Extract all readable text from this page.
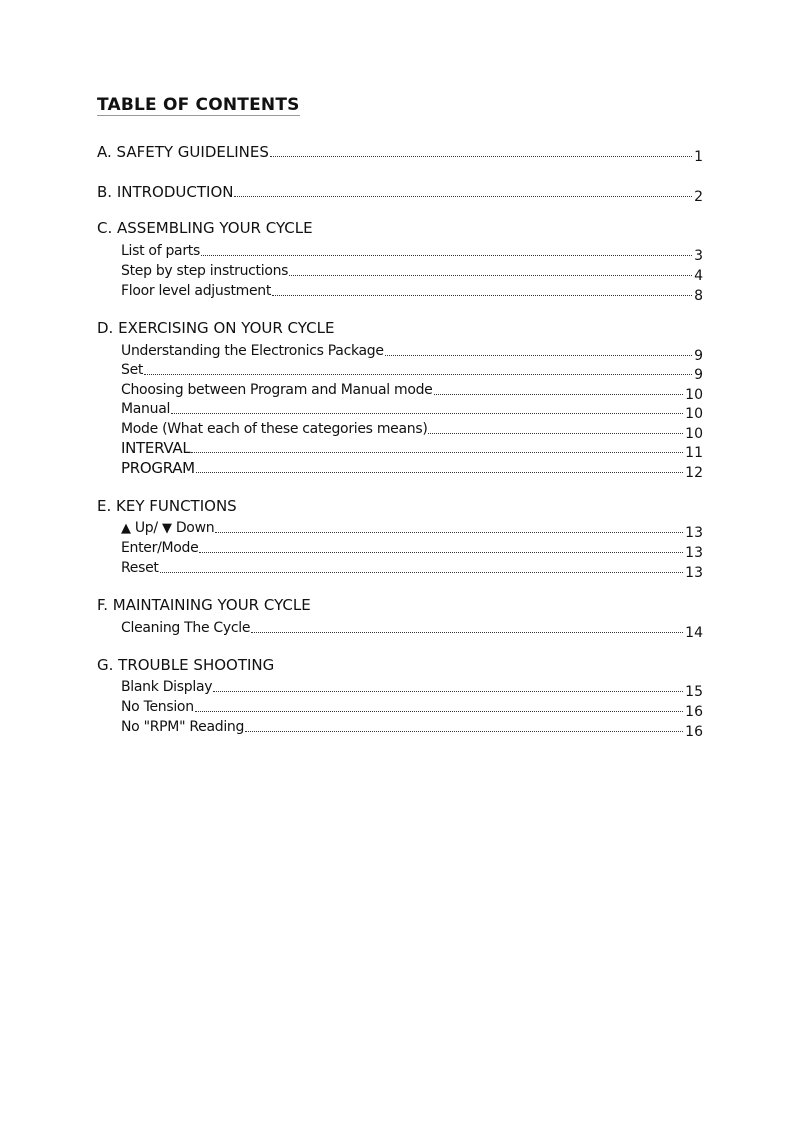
TABLE OF CONTENTS
A. SAFETY GUIDELINES	1
B. INTRODUCTION	2
C. ASSEMBLING YOUR CYCLE
List of parts	3
Step by step instructions	4
Floor level adjustment	8
D. EXERCISING ON YOUR CYCLE
Understanding the Electronics Package	9
Set	9
Choosing between Program and Manual mode	10
Manual	10
Mode (What each of these categories means)	10
INTERVAL	11
PROGRAM	12
E. KEY FUNCTIONS
▲ Up/ ▼ Down	13
Enter/Mode	13
Reset	13
F. MAINTAINING YOUR CYCLE
Cleaning The Cycle	14
G. TROUBLE SHOOTING
Blank Display	15
No Tension	16
No "RPM" Reading	16
